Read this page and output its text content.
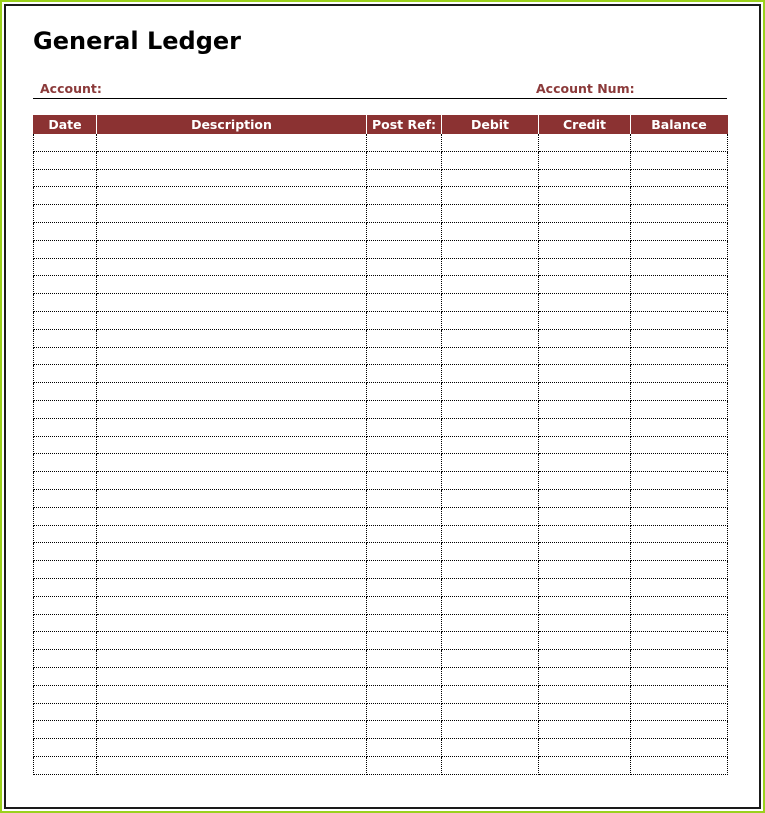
General Ledger
Account:	Account Num:
Date	Description	Post Ref:	Debit	Credit	Balance
